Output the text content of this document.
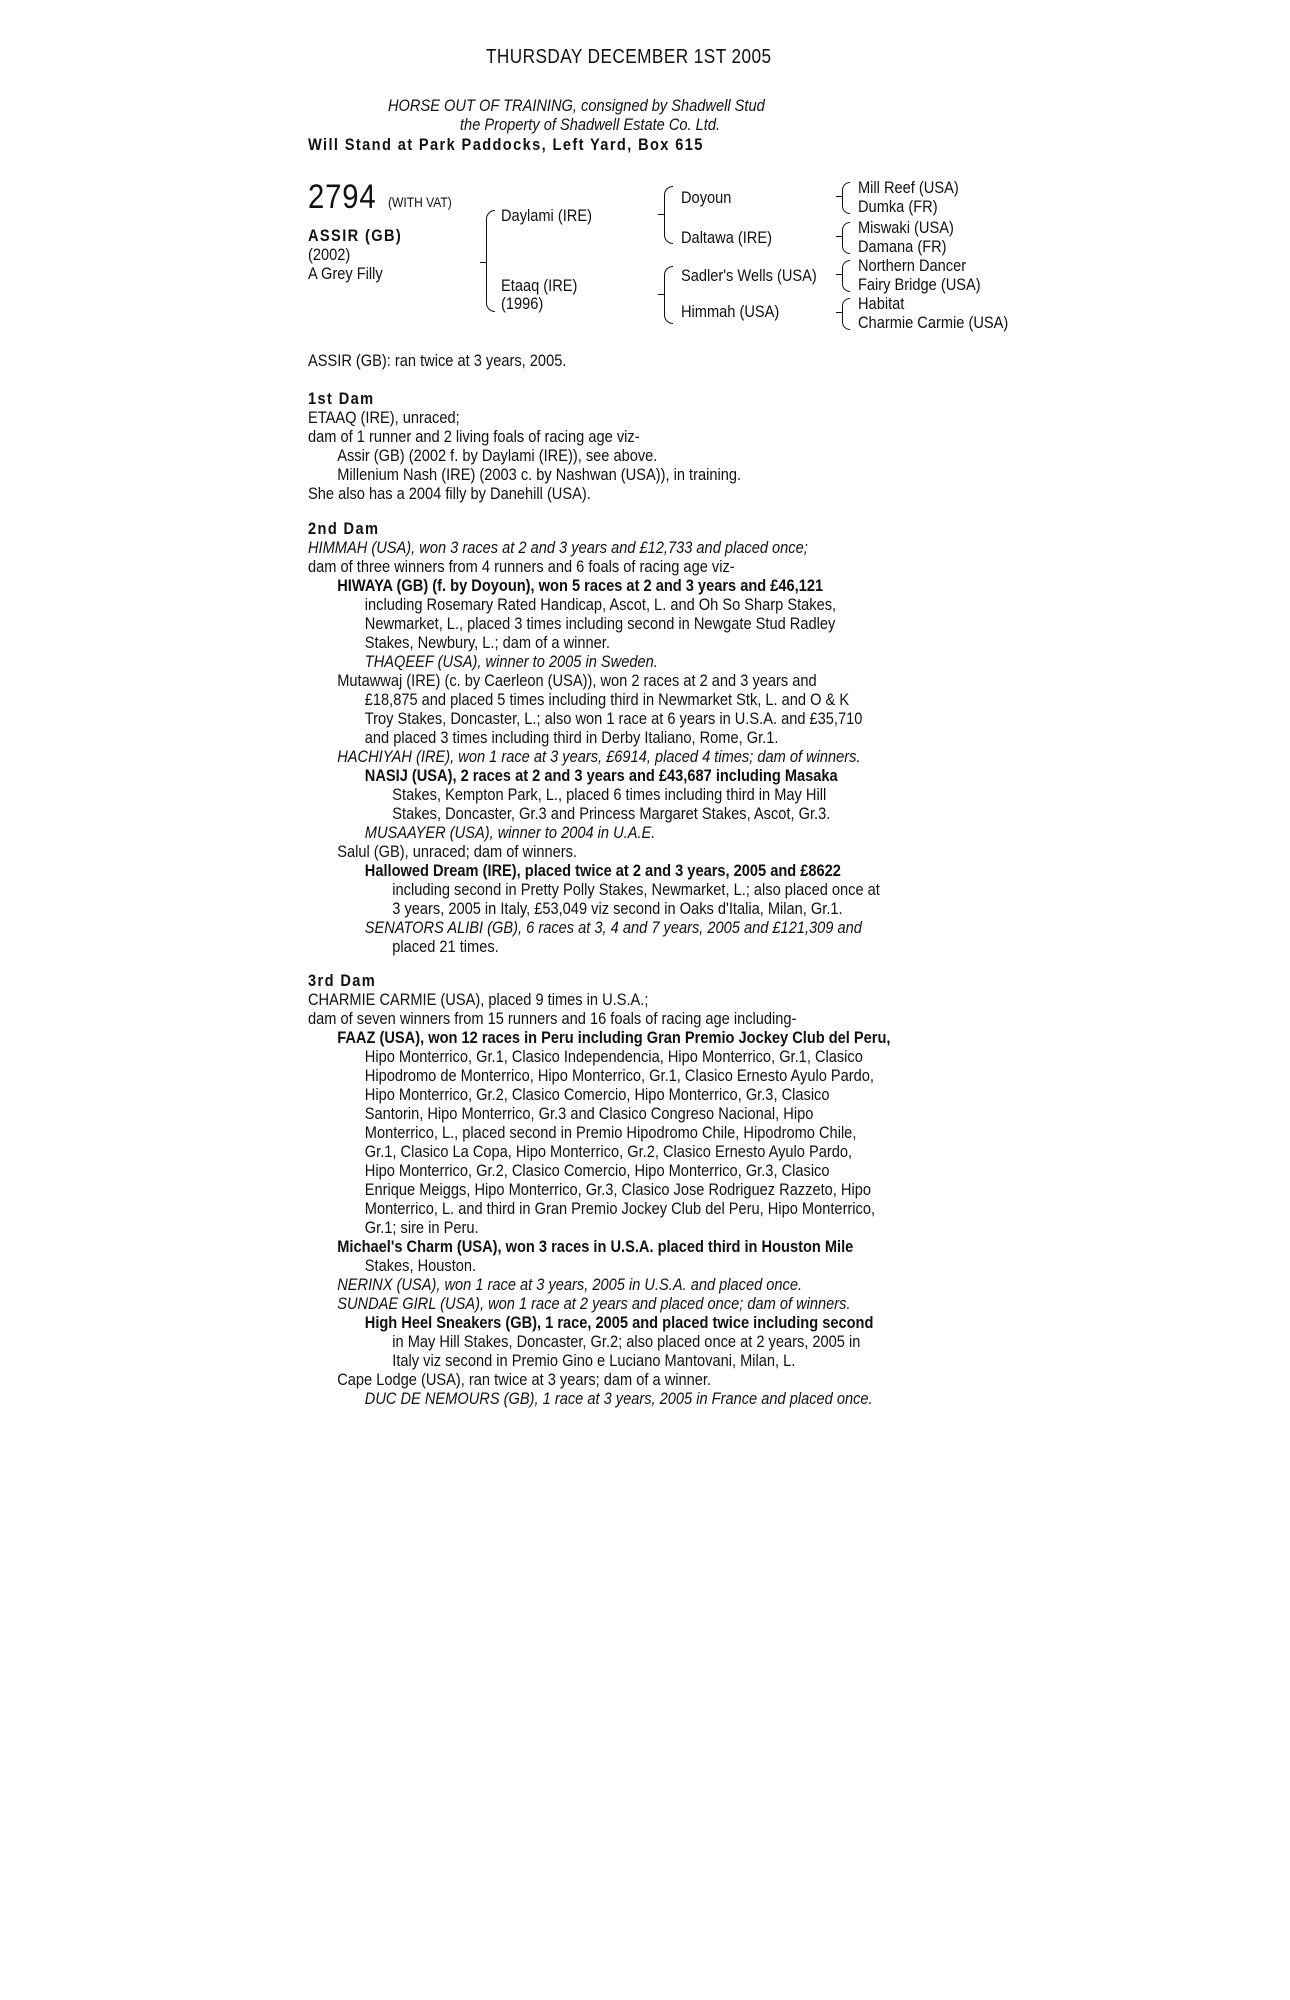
THURSDAY DECEMBER 1ST 2005
HORSE OUT OF TRAINING, consigned by Shadwell Stud
the Property of Shadwell Estate Co. Ltd.
Will Stand at Park Paddocks, Left Yard, Box 615
2794 (WITH VAT)
ASSIR (GB)
(2002)
A Grey Filly
Daylami (IRE)
Etaaq (IRE)
(1996)
Doyoun
Daltawa (IRE)
Sadler's Wells (USA)
Himmah (USA)
Mill Reef (USA)
Dumka (FR)
Miswaki (USA)
Damana (FR)
Northern Dancer
Fairy Bridge (USA)
Habitat
Charmie Carmie (USA)
ASSIR (GB): ran twice at 3 years, 2005.
1st Dam
ETAAQ (IRE), unraced;
dam of 1 runner and 2 living foals of racing age viz-
Assir (GB) (2002 f. by Daylami (IRE)), see above.
Millenium Nash (IRE) (2003 c. by Nashwan (USA)), in training.
She also has a 2004 filly by Danehill (USA).
2nd Dam
HIMMAH (USA), won 3 races at 2 and 3 years and £12,733 and placed once;
dam of three winners from 4 runners and 6 foals of racing age viz-
HIWAYA (GB) (f. by Doyoun), won 5 races at 2 and 3 years and £46,121
including Rosemary Rated Handicap, Ascot, L. and Oh So Sharp Stakes,
Newmarket, L., placed 3 times including second in Newgate Stud Radley
Stakes, Newbury, L.; dam of a winner.
THAQEEF (USA), winner to 2005 in Sweden.
Mutawwaj (IRE) (c. by Caerleon (USA)), won 2 races at 2 and 3 years and
£18,875 and placed 5 times including third in Newmarket Stk, L. and O & K
Troy Stakes, Doncaster, L.; also won 1 race at 6 years in U.S.A. and £35,710
and placed 3 times including third in Derby Italiano, Rome, Gr.1.
HACHIYAH (IRE), won 1 race at 3 years, £6914, placed 4 times; dam of winners.
NASIJ (USA), 2 races at 2 and 3 years and £43,687 including Masaka
Stakes, Kempton Park, L., placed 6 times including third in May Hill
Stakes, Doncaster, Gr.3 and Princess Margaret Stakes, Ascot, Gr.3.
MUSAAYER (USA), winner to 2004 in U.A.E.
Salul (GB), unraced; dam of winners.
Hallowed Dream (IRE), placed twice at 2 and 3 years, 2005 and £8622
including second in Pretty Polly Stakes, Newmarket, L.; also placed once at
3 years, 2005 in Italy, £53,049 viz second in Oaks d'Italia, Milan, Gr.1.
SENATORS ALIBI (GB), 6 races at 3, 4 and 7 years, 2005 and £121,309 and
placed 21 times.
3rd Dam
CHARMIE CARMIE (USA), placed 9 times in U.S.A.;
dam of seven winners from 15 runners and 16 foals of racing age including-
FAAZ (USA), won 12 races in Peru including Gran Premio Jockey Club del Peru,
Hipo Monterrico, Gr.1, Clasico Independencia, Hipo Monterrico, Gr.1, Clasico
Hipodromo de Monterrico, Hipo Monterrico, Gr.1, Clasico Ernesto Ayulo Pardo,
Hipo Monterrico, Gr.2, Clasico Comercio, Hipo Monterrico, Gr.3, Clasico
Santorin, Hipo Monterrico, Gr.3 and Clasico Congreso Nacional, Hipo
Monterrico, L., placed second in Premio Hipodromo Chile, Hipodromo Chile,
Gr.1, Clasico La Copa, Hipo Monterrico, Gr.2, Clasico Ernesto Ayulo Pardo,
Hipo Monterrico, Gr.2, Clasico Comercio, Hipo Monterrico, Gr.3, Clasico
Enrique Meiggs, Hipo Monterrico, Gr.3, Clasico Jose Rodriguez Razzeto, Hipo
Monterrico, L. and third in Gran Premio Jockey Club del Peru, Hipo Monterrico,
Gr.1; sire in Peru.
Michael's Charm (USA), won 3 races in U.S.A. placed third in Houston Mile
Stakes, Houston.
NERINX (USA), won 1 race at 3 years, 2005 in U.S.A. and placed once.
SUNDAE GIRL (USA), won 1 race at 2 years and placed once; dam of winners.
High Heel Sneakers (GB), 1 race, 2005 and placed twice including second
in May Hill Stakes, Doncaster, Gr.2; also placed once at 2 years, 2005 in
Italy viz second in Premio Gino e Luciano Mantovani, Milan, L.
Cape Lodge (USA), ran twice at 3 years; dam of a winner.
DUC DE NEMOURS (GB), 1 race at 3 years, 2005 in France and placed once.
